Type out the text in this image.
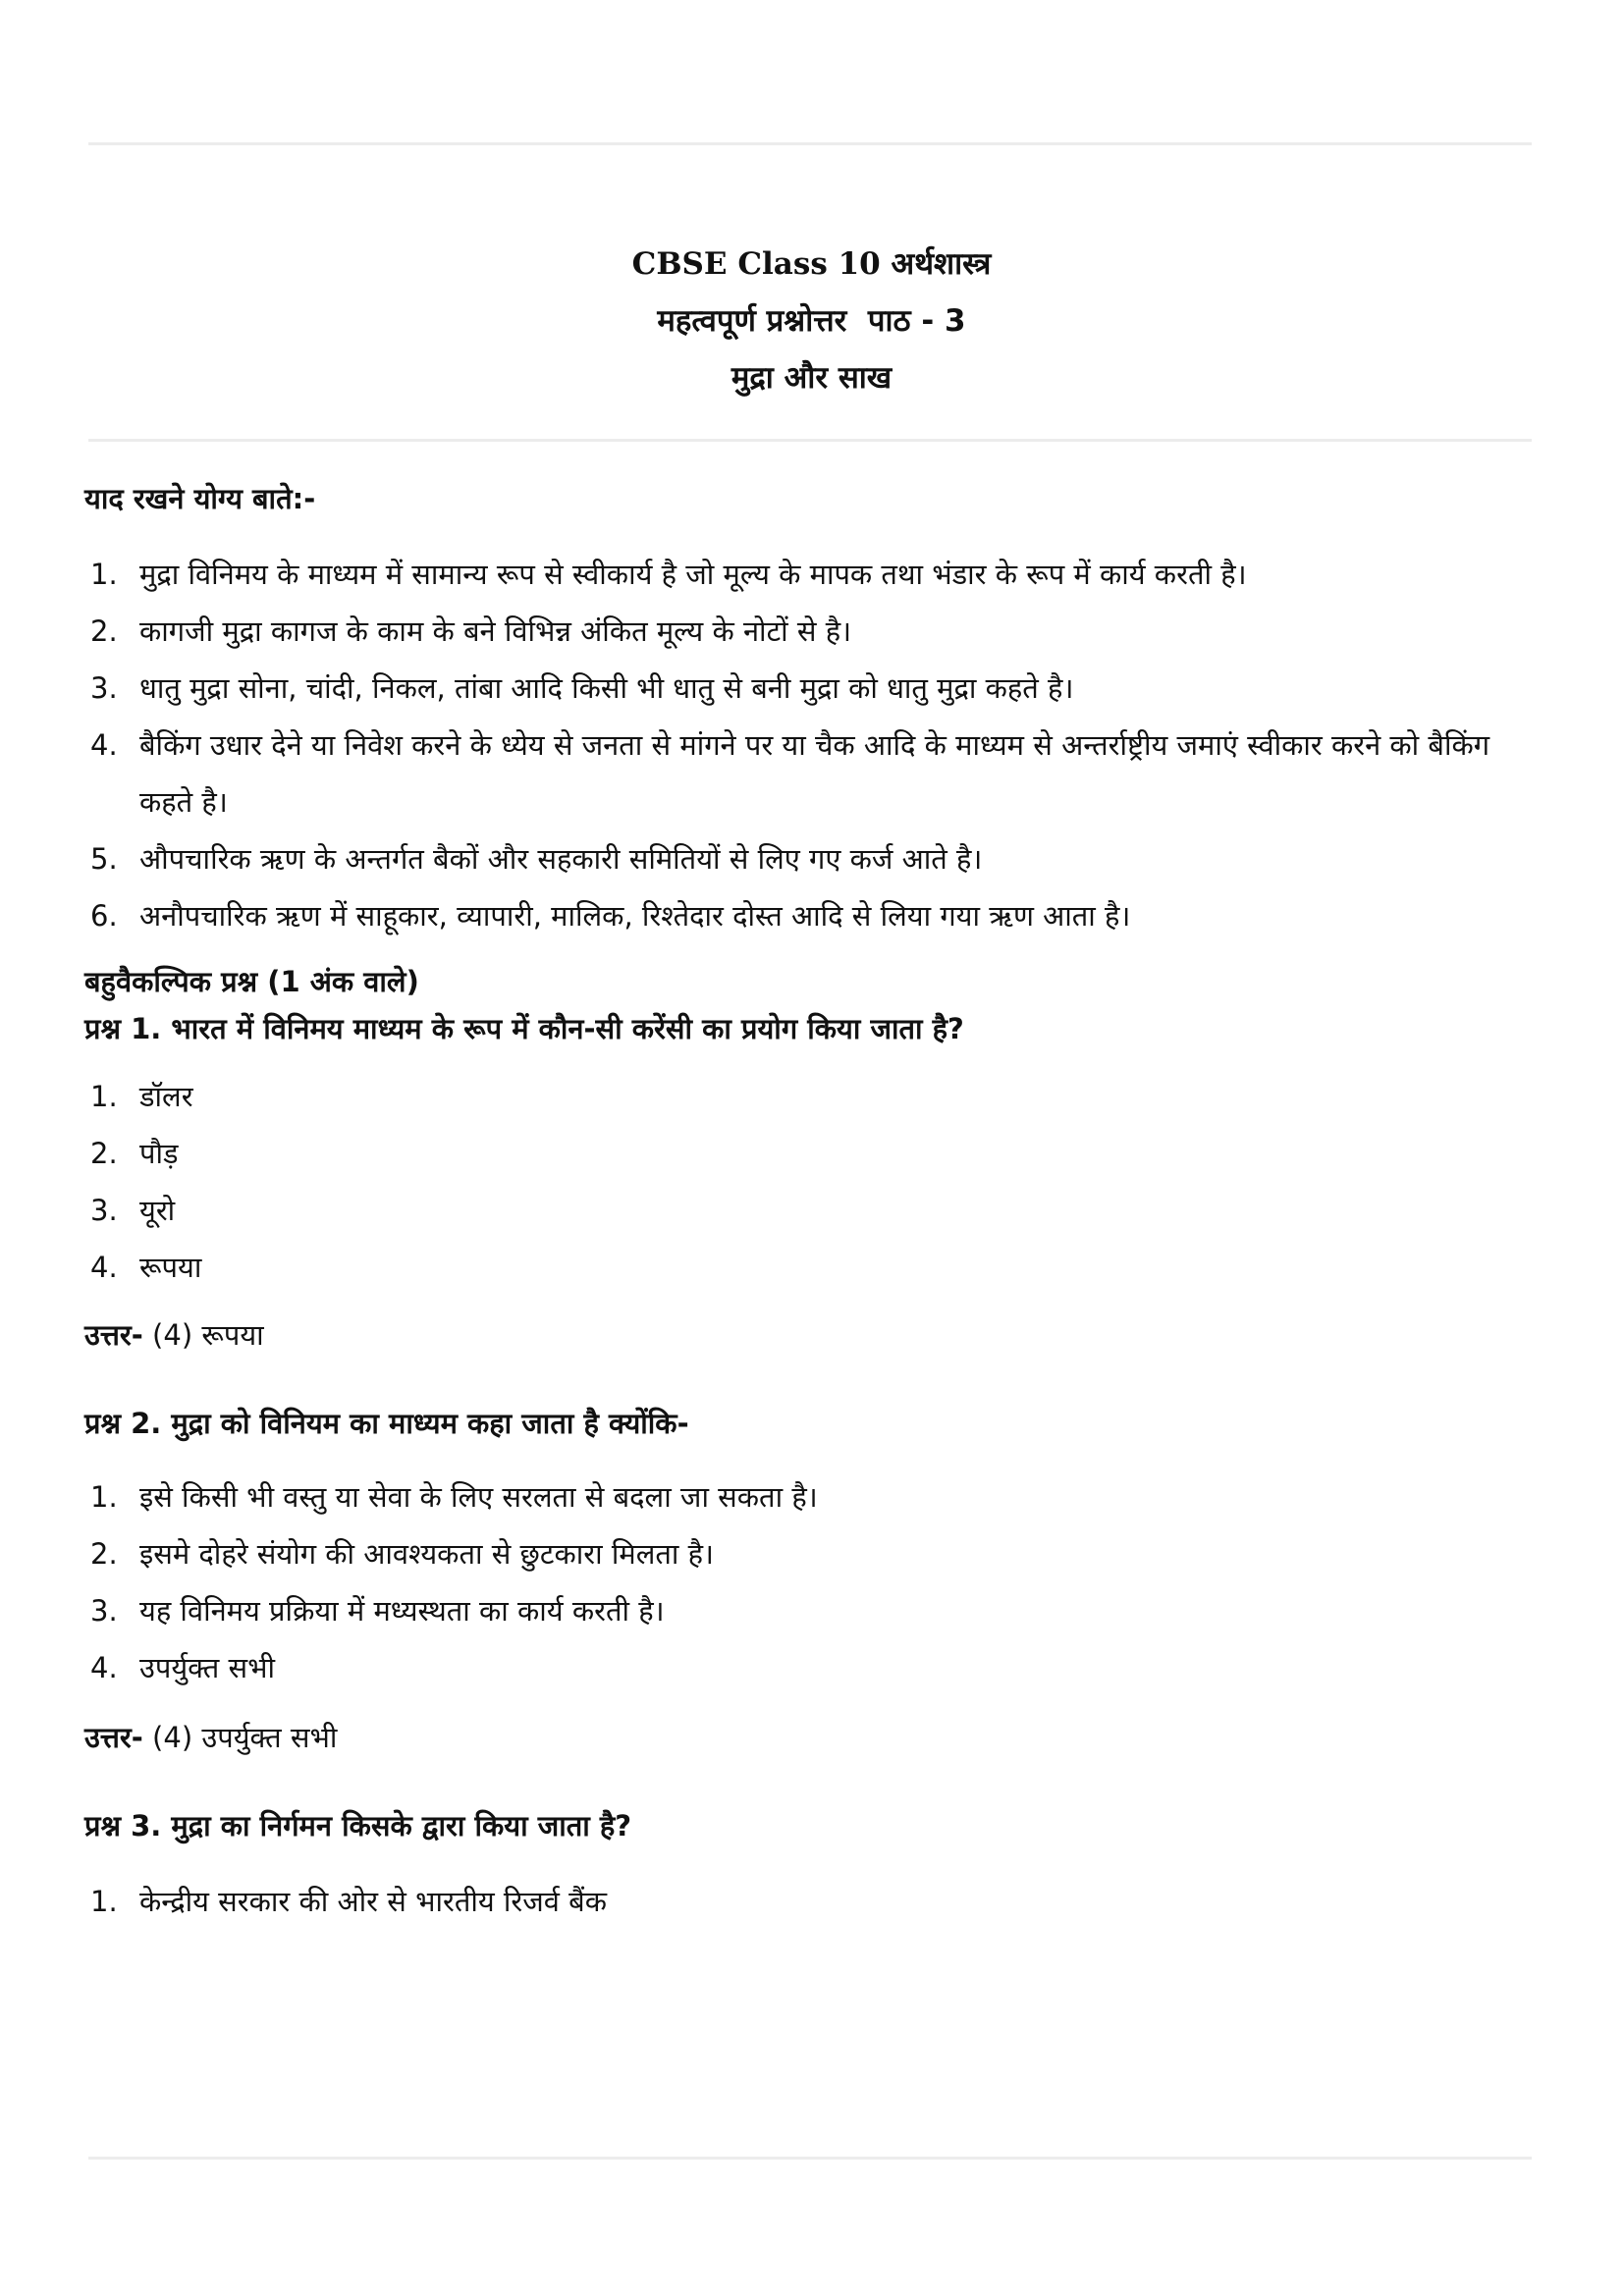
CBSE Class 10 अर्थशास्त्र
महत्वपूर्ण प्रश्नोत्तर  पाठ - 3
मुद्रा और साख

याद रखने योग्य बाते:-

1. मुद्रा विनिमय के माध्यम में सामान्य रूप से स्वीकार्य है जो मूल्य के मापक तथा भंडार के रूप में कार्य करती है।
2. कागजी मुद्रा कागज के काम के बने विभिन्न अंकित मूल्य के नोटों से है।
3. धातु मुद्रा सोना, चांदी, निकल, तांबा आदि किसी भी धातु से बनी मुद्रा को धातु मुद्रा कहते है।
4. बैकिंग उधार देने या निवेश करने के ध्येय से जनता से मांगने पर या चैक आदि के माध्यम से अन्तर्राष्ट्रीय जमाएं स्वीकार करने को बैकिंग कहते है।
5. औपचारिक ऋण के अन्तर्गत बैकों और सहकारी समितियों से लिए गए कर्ज आते है।
6. अनौपचारिक ऋण में साहूकार, व्यापारी, मालिक, रिश्तेदार दोस्त आदि से लिया गया ऋण आता है।

बहुवैकल्पिक प्रश्न (1 अंक वाले)

प्रश्न 1. भारत में विनिमय माध्यम के रूप में कौन-सी करेंसी का प्रयोग किया जाता है?

1. डॉलर
2. पौड़
3. यूरो
4. रूपया

उत्तर- (4) रूपया

प्रश्न 2. मुद्रा को विनियम का माध्यम कहा जाता है क्योंकि-

1. इसे किसी भी वस्तु या सेवा के लिए सरलता से बदला जा सकता है।
2. इसमे दोहरे संयोग की आवश्यकता से छुटकारा मिलता है।
3. यह विनिमय प्रक्रिया में मध्यस्थता का कार्य करती है।
4. उपर्युक्त सभी

उत्तर- (4) उपर्युक्त सभी

प्रश्न 3. मुद्रा का निर्गमन किसके द्वारा किया जाता है?

1. केन्द्रीय सरकार की ओर से भारतीय रिजर्व बैंक
